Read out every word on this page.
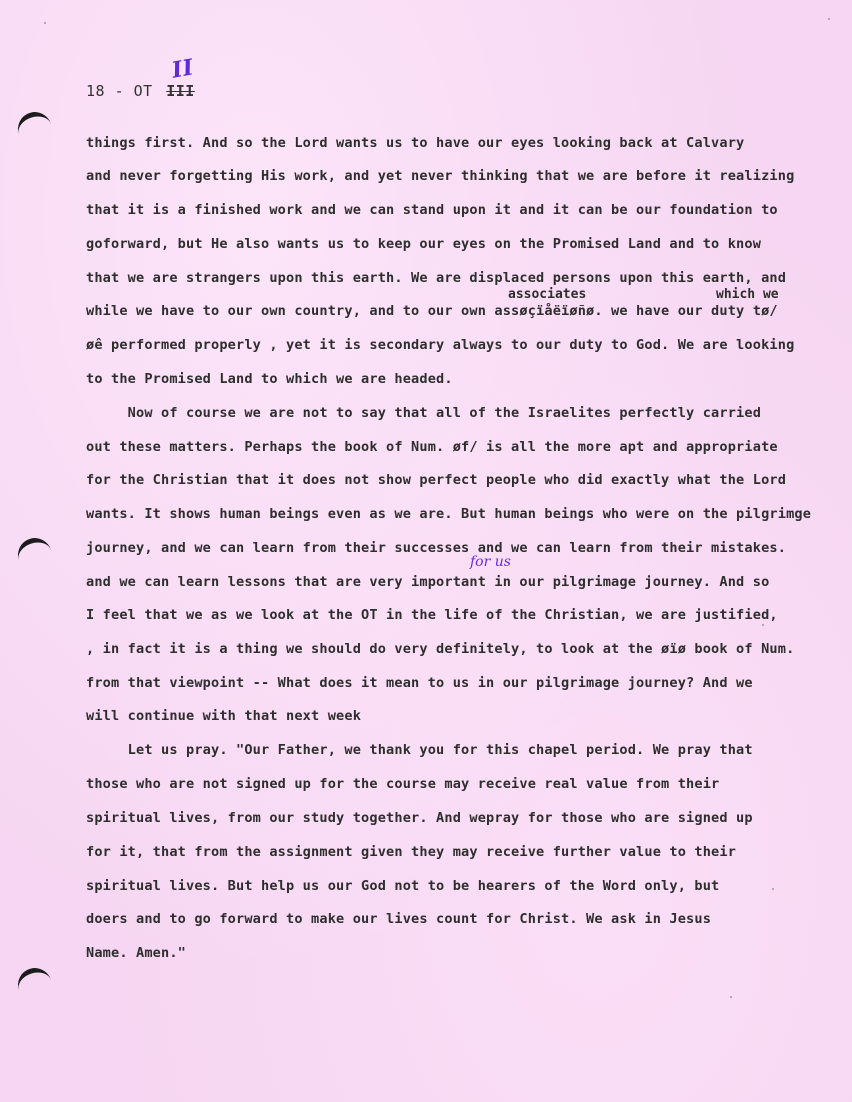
18 - OT III
II
things first. And so the Lord wants us to have our eyes looking back at Calvary
and never forgetting His work, and yet never thinking that we are before it realizing
that it is a finished work and we can stand upon it and it can be our foundation to
goforward, but He also wants us to keep our eyes on the Promised Land and to know
that we are strangers upon this earth. We are displaced persons upon this earth, and
associates	which we
while we have to our own country, and to our own assøçïåëïøñø. we have our duty tø/
øê performed properly , yet it is secondary always to our duty to God. We are looking
to the Promised Land to which we are headed.
Now of course we are not to say that all of the Israelites perfectly carried
out these matters. Perhaps the book of Num. øf/ is all the more apt and appropriate
for the Christian that it does not show perfect people who did exactly what the Lord
wants. It shows human beings even as we are. But human beings who were on the pilgrimge
journey, and we can learn from their successes and we can learn from their mistakes.
for us
and we can learn lessons that are very important in our pilgrimage journey. And so
I feel that we as we look at the OT in the life of the Christian, we are justified,
, in fact it is a thing we should do very definitely, to look at the øïø book of Num.
from that viewpoint -- What does it mean to us in our pilgrimage journey? And we
will continue with that next week
Let us pray. "Our Father, we thank you for this chapel period. We pray that
those who are not signed up for the course may receive real value from their
spiritual lives, from our study together. And wepray for those who are signed up
for it, that from the assignment given they may receive further value to their
spiritual lives. But help us our God not to be hearers of the Word only, but
doers and to go forward to make our lives count for Christ. We ask in Jesus
Name. Amen."
